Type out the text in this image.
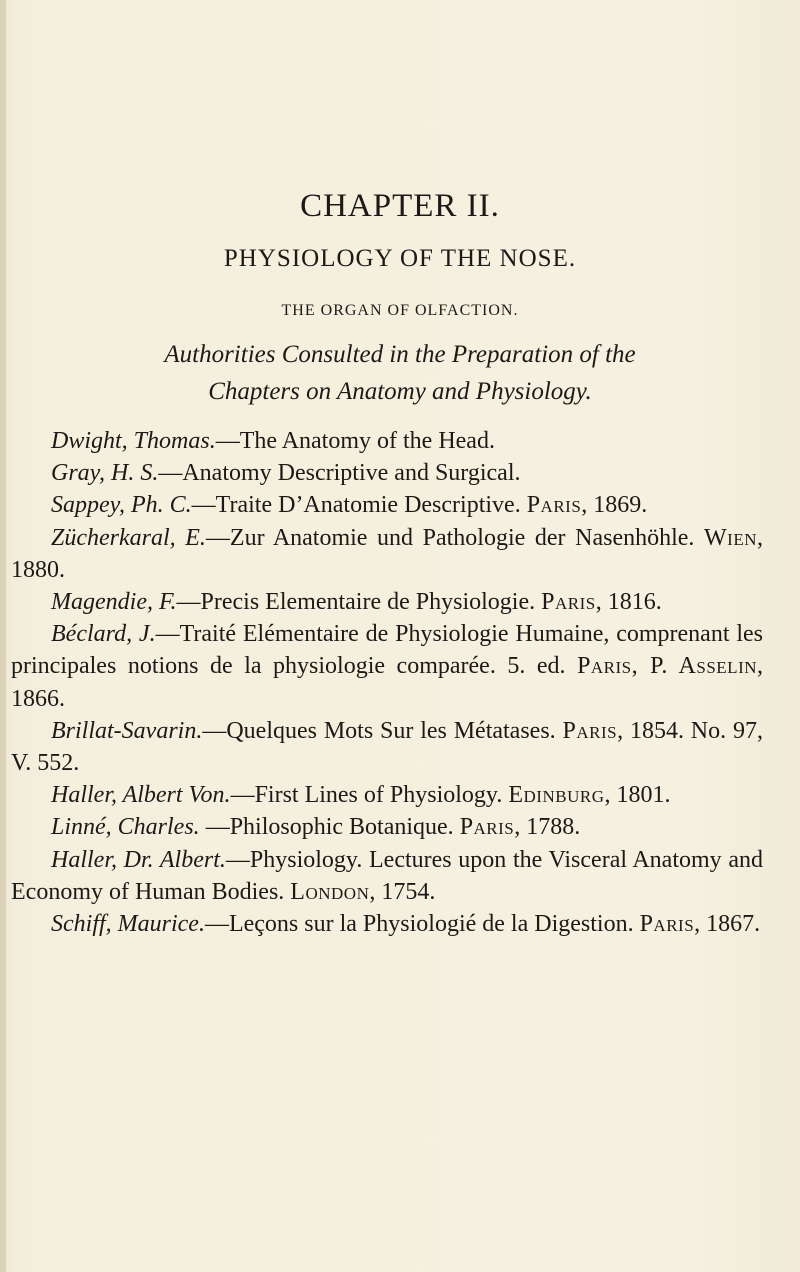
CHAPTER II.
PHYSIOLOGY OF THE NOSE.
THE ORGAN OF OLFACTION.
Authorities Consulted in the Preparation of the
Chapters on Anatomy and Physiology.

Dwight, Thomas.—The Anatomy of the Head.

Gray, H. S.—Anatomy Descriptive and Surgical.

Sappey, Ph. C.—Traite D’Anatomie Descriptive. Paris, 1869.

Zücherkaral, E.—Zur Anatomie und Pathologie der Nasenhöhle. Wien, 1880.

Magendie, F.—Precis Elementaire de Physiologie. Paris, 1816.

Béclard, J.—Traité Elémentaire de Physiologie Humaine, comprenant les principales notions de la physiologie comparée. 5. ed. Paris, P. Asselin, 1866.

Brillat-Savarin.—Quelques Mots Sur les Métatases. Paris, 1854. No. 97, V. 552.

Haller, Albert Von.—First Lines of Physiology. Edinburg, 1801.

Linné, Charles. —Philosophic Botanique. Paris, 1788.

Haller, Dr. Albert.—Physiology. Lectures upon the Visceral Anatomy and Economy of Human Bodies. London, 1754.

Schiff, Maurice.—Leçons sur la Physiologié de la Digestion. Paris, 1867.
